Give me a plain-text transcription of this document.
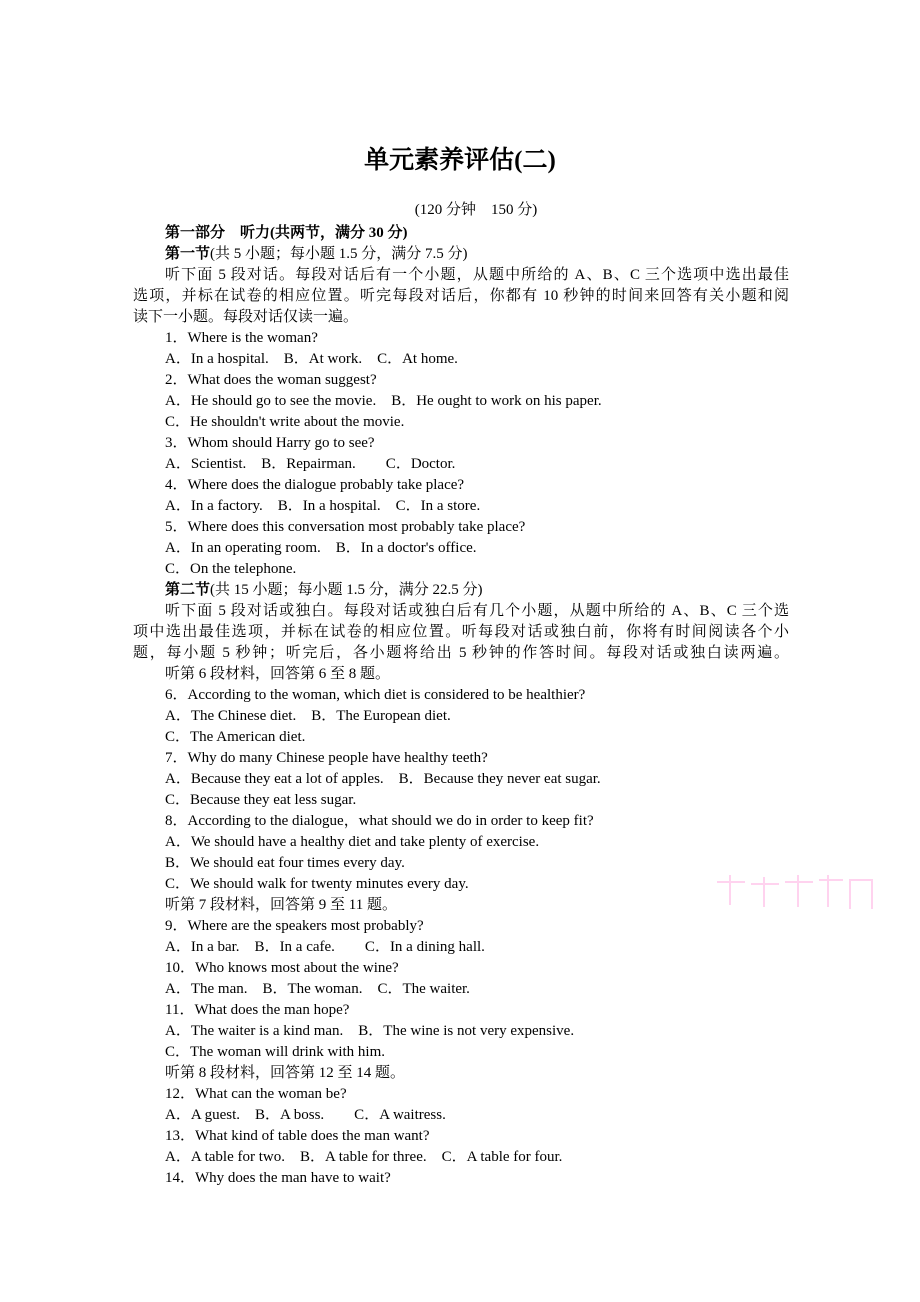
单元素养评估(二)
(120 分钟　150 分)
第一部分　听力(共两节，满分 30 分)
第一节(共 5 小题；每小题 1.5 分，满分 7.5 分)
听下面 5 段对话。每段对话后有一个小题，从题中所给的 A、B、C 三个选项中选出最佳
选项，并标在试卷的相应位置。听完每段对话后，你都有 10 秒钟的时间来回答有关小题和阅
读下一小题。每段对话仅读一遍。
1．Where is the woman?
A．In a hospital.　B．At work.　C．At home.
2．What does the woman suggest?
A．He should go to see the movie.　B．He ought to work on his paper.
C．He shouldn't write about the movie.
3．Whom should Harry go to see?
A．Scientist.　B．Repairman.　　C．Doctor.
4．Where does the dialogue probably take place?
A．In a factory.　B．In a hospital.　C．In a store.
5．Where does this conversation most probably take place?
A．In an operating room.　B．In a doctor's office.
C．On the telephone.
第二节(共 15 小题；每小题 1.5 分，满分 22.5 分)
听下面 5 段对话或独白。每段对话或独白后有几个小题，从题中所给的 A、B、C 三个选
项中选出最佳选项，并标在试卷的相应位置。听每段对话或独白前，你将有时间阅读各个小
题，每小题 5 秒钟；听完后，各小题将给出 5 秒钟的作答时间。每段对话或独白读两遍。
听第 6 段材料，回答第 6 至 8 题。
6．According to the woman, which diet is considered to be healthier?
A．The Chinese diet.　B．The European diet.
C．The American diet.
7．Why do many Chinese people have healthy teeth?
A．Because they eat a lot of apples.　B．Because they never eat sugar.
C．Because they eat less sugar.
8．According to the dialogue，what should we do in order to keep fit?
A．We should have a healthy diet and take plenty of exercise.
B．We should eat four times every day.
C．We should walk for twenty minutes every day.
听第 7 段材料，回答第 9 至 11 题。
9．Where are the speakers most probably?
A．In a bar.　B．In a cafe.　　C．In a dining hall.
10．Who knows most about the wine?
A．The man.　B．The woman.　C．The waiter.
11．What does the man hope?
A．The waiter is a kind man.　B．The wine is not very expensive.
C．The woman will drink with him.
听第 8 段材料，回答第 12 至 14 题。
12．What can the woman be?
A．A guest.　B．A boss.　　C．A waitress.
13．What kind of table does the man want?
A．A table for two.　B．A table for three.　C．A table for four.
14．Why does the man have to wait?
